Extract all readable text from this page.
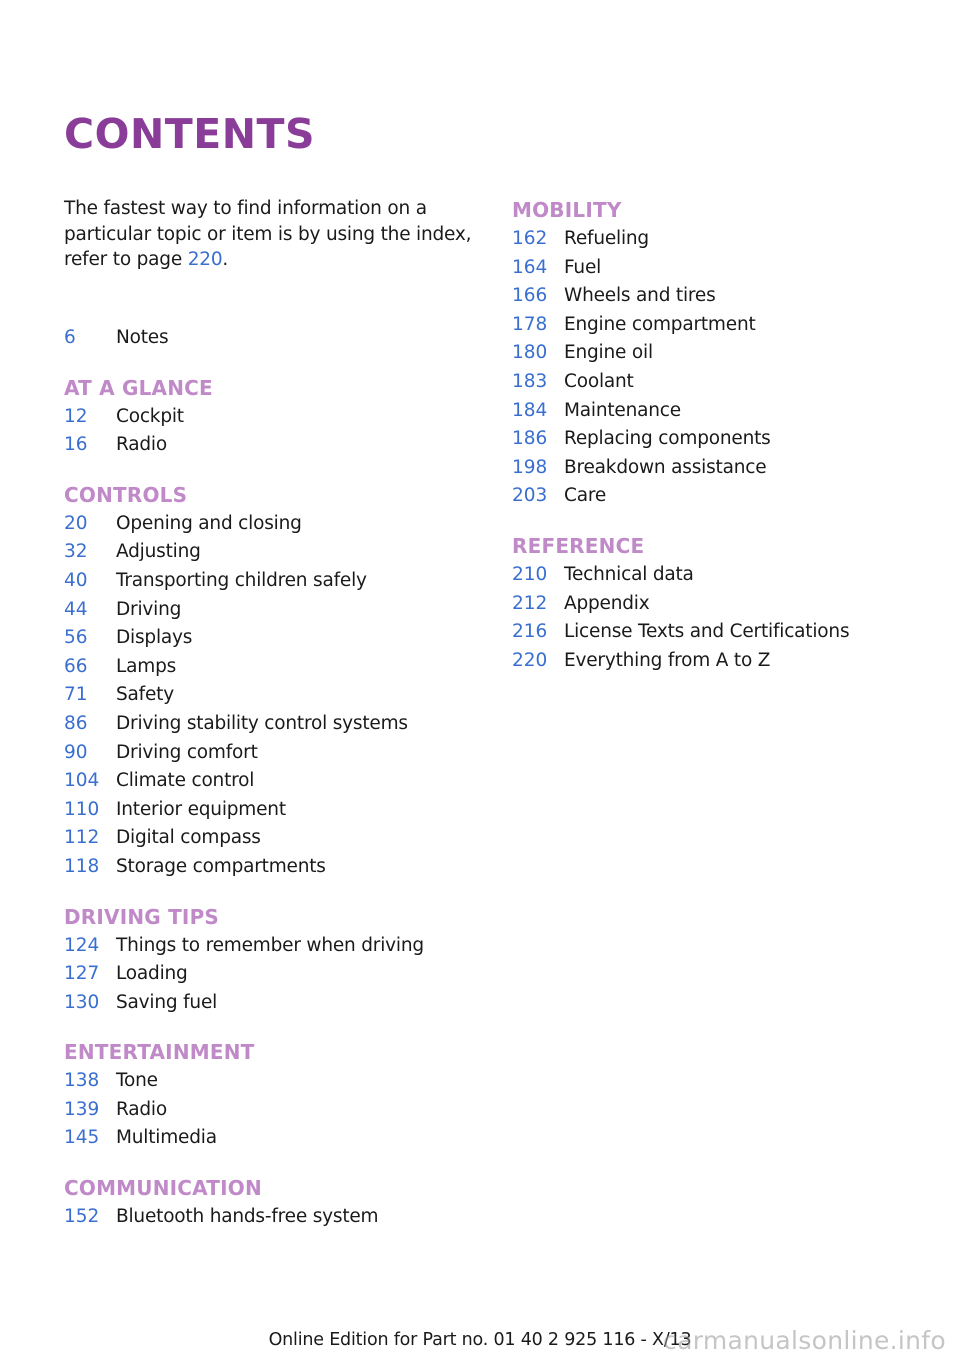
CONTENTS

The fastest way to find information on a particular topic or item is by using the index, refer to page 220.

6	Notes
AT A GLANCE
12	Cockpit
16	Radio
CONTROLS
20	Opening and closing
32	Adjusting
40	Transporting children safely
44	Driving
56	Displays
66	Lamps
71	Safety
86	Driving stability control systems
90	Driving comfort
104 Climate control
110 Interior equipment
112 Digital compass
118 Storage compartments
DRIVING TIPS
124 Things to remember when driving
127 Loading
130 Saving fuel
ENTERTAINMENT
138 Tone
139 Radio
145 Multimedia
COMMUNICATION
152 Bluetooth hands-free system
MOBILITY
162 Refueling
164 Fuel
166 Wheels and tires
178 Engine compartment
180 Engine oil
183 Coolant
184 Maintenance
186 Replacing components
198 Breakdown assistance
203 Care
REFERENCE
210 Technical data
212 Appendix
216 License Texts and Certifications
220 Everything from A to Z
Online Edition for Part no. 01 40 2 925 116 - X/13
carmanualsonline.info
